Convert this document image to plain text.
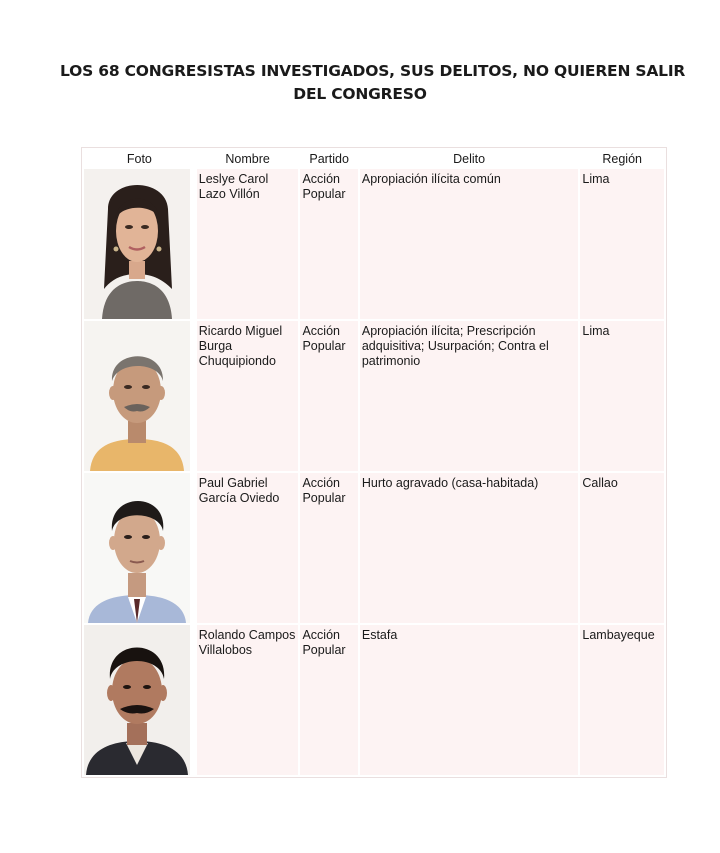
LOS 68 CONGRESISTAS INVESTIGADOS, SUS DELITOS, NO QUIEREN SALIR
DEL CONGRESO
Foto	Nombre	Partido	Delito	Región

	Leslye Carol Lazo Villón	Acción Popular	Apropiación ilícita común	Lima

	Ricardo Miguel Burga Chuquipiondo	Acción Popular	Apropiación ilícita; Prescripción adquisitiva; Usurpación; Contra el patrimonio	Lima

	Paul Gabriel García Oviedo	Acción Popular	Hurto agravado (casa-habitada)	Callao

	Rolando Campos Villalobos	Acción Popular	Estafa	Lambayeque
